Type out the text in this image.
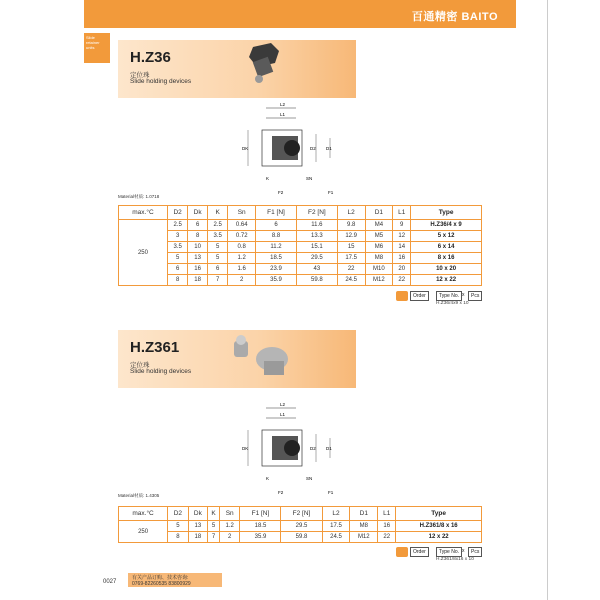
百通精密 BAITO
Slide retainer units
H.Z36
定位珠
Slide holding devices
L2
L1
DK	D2 D1
K	SN
F2	F1
Material材质: 1.0718
max.°C	D2	Dk	K	Sn	F1 [N]	F2 [N]	L2	D1	L1	Type
250	2.5	6	2.5	0.64	6	11.6	9.8	M4	9	H.Z36/4 x 9
	3	8	3.5	0.72	8.8	13.3	12.9	M5	12	5 x 12
	3.5	10	5	0.8	11.2	15.1	15	M6	14	6 x 14
	5	13	5	1.2	18.5	29.5	17.5	M8	16	8 x 16
	6	16	6	1.6	23.9	43	22	M10	20	10 x 20
	8	18	7	2	35.9	59.8	24.5	M12	22	12 x 22
Order	Type No. x	Pcs
H.Z36/4x9 x 10
H.Z361
定位珠
Slide holding devices
L2
L1
DK	D2 D1
K	SN
F2	F1
Material材质: 1.4305
max.°C	D2	Dk	K	Sn	F1 [N]	F2 [N]	L2	D1	L1	Type
250	5	13	5	1.2	18.5	29.5	17.5	M8	16	H.Z361/8 x 16
	8	18	7	2	35.9	59.8	24.5	M12	22	12 x 22
Order	Type No. x	Pcs
H.Z361/8x16 x 10
有关产品订购、技术咨询:
0769-82260535 83800929
0027
